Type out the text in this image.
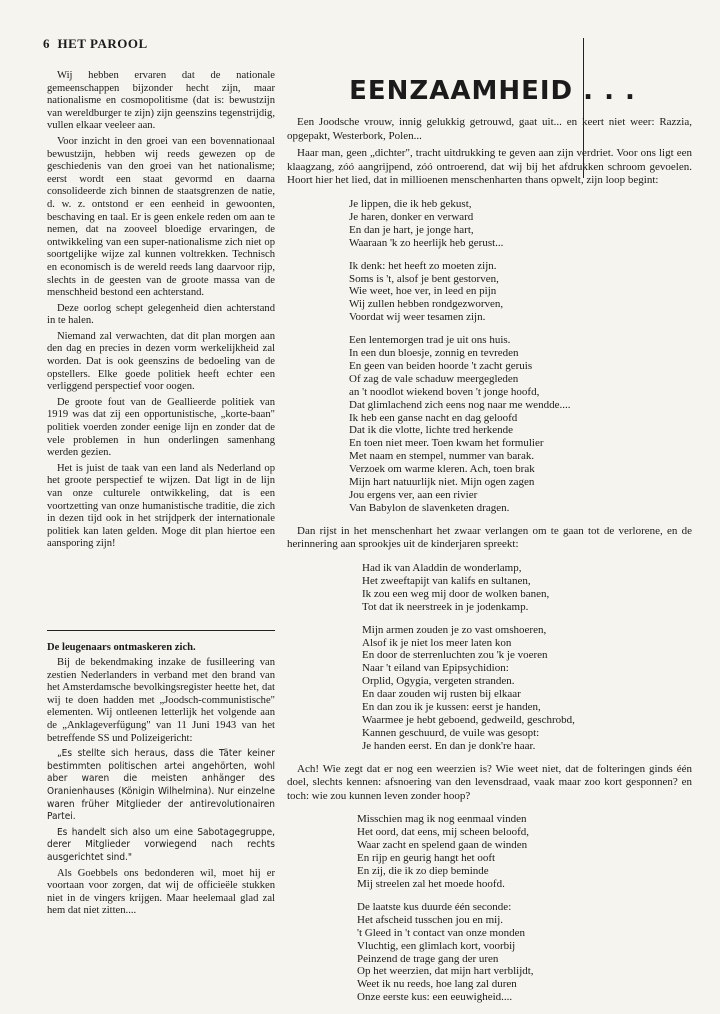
6 HET PAROOL

Wij hebben ervaren dat de nationale gemeenschappen bijzonder hecht zijn, maar nationalisme en cosmopolitisme (dat is: bewustzijn van wereldburger te zijn) zijn geenszins tegenstrijdig, vullen elkaar veeleer aan.

Voor inzicht in den groei van een bovennationaal bewustzijn, hebben wij reeds gewezen op de geschiedenis van den groei van het nationalisme; eerst wordt een staat gevormd en daarna consolideerde zich binnen de staatsgrenzen de natie, d. w. z. ontstond er een eenheid in gewoonten, beschaving en taal. Er is geen enkele reden om aan te nemen, dat na zooveel bloedige ervaringen, de ontwikkeling van een super-nationalisme zich niet op soortgelijke wijze zal kunnen voltrekken. Technisch en economisch is de wereld reeds lang daarvoor rijp, slechts in de geesten van de groote massa van de menschheid bestond een achterstand.

Deze oorlog schept gelegenheid dien achterstand in te halen.

Niemand zal verwachten, dat dit plan morgen aan den dag en precies in dezen vorm werkelijkheid zal worden. Dat is ook geenszins de bedoeling van de opstellers. Elke goede politiek heeft echter een verliggend perspectief voor oogen.

De groote fout van de Geallieerde politiek van 1919 was dat zij een opportunistische, „korte-baan" politiek voerden zonder eenige lijn en zonder dat de vele problemen in hun onderlingen samenhang werden gezien.

Het is juist de taak van een land als Nederland op het groote perspectief te wijzen. Dat ligt in de lijn van onze culturele ontwikkeling, dat is een voortzetting van onze humanistische traditie, die zich in dezen tijd ook in het strijdperk der internationale politiek kan laten gelden. Moge dit plan hiertoe een aansporing zijn!

De leugenaars ontmaskeren zich.

Bij de bekendmaking inzake de fusilleering van zestien Nederlanders in verband met den brand van het Amsterdamsche bevolkingsregister heette het, dat wij te doen hadden met „Joodsch-communistische" elementen. Wij ontleenen letterlijk het volgende aan de „Anklageverfügung" van 11 Juni 1943 van het betreffende SS und Polizeigericht:

„Es stellte sich heraus, dass die Täter keiner bestimmten politischen artei angehörten, wohl aber waren die meisten anhänger des Oranienhauses (Königin Wilhelmina). Nur einzelne waren früher Mitglieder der antirevolutionairen Partei.

Es handelt sich also um eine Sabotagegruppe, derer Mitglieder vorwiegend nach rechts ausgerichtet sind."

Als Goebbels ons bedonderen wil, moet hij er voortaan voor zorgen, dat wij de officieële stukken niet in de vingers krijgen. Maar heelemaal glad zal hem dat niet zitten....

EENZAAMHEID . . .

Een Joodsche vrouw, innig gelukkig getrouwd, gaat uit... en keert niet weer: Razzia, opgepakt, Westerbork, Polen...

Haar man, geen „dichter", tracht uitdrukking te geven aan zijn verdriet. Voor ons ligt een klaagzang, zóó aangrijpend, zóó ontroerend, dat wij bij het afdrukken schroom gevoelen. Hoort hier het lied, dat in millioenen menschenharten thans opwelt, zijn loop begint:

Je lippen, die ik heb gekust,
Je haren, donker en verward
En dan je hart, je jonge hart,
Waaraan 'k zo heerlijk heb gerust...
Ik denk: het heeft zo moeten zijn.
Soms is 't, alsof je bent gestorven,
Wie weet, hoe ver, in leed en pijn
Wij zullen hebben rondgezworven,
Voordat wij weer tesamen zijn.
Een lentemorgen trad je uit ons huis.
In een dun bloesje, zonnig en tevreden
En geen van beiden hoorde 't zacht geruis
Of zag de vale schaduw meergegleden
an 't noodlot wiekend boven 't jonge hoofd,
Dat glimlachend zich eens nog naar me wendde....
Ik heb een ganse nacht en dag geloofd
Dat ik die vlotte, lichte tred herkende
En toen niet meer. Toen kwam het formulier
Met naam en stempel, nummer van barak.
Verzoek om warme kleren. Ach, toen brak
Mijn hart natuurlijk niet. Mijn ogen zagen
Jou ergens ver, aan een rivier
Van Babylon de slavenketen dragen.

Dan rijst in het menschenhart het zwaar verlangen om te gaan tot de verlorene, en de herinnering aan sprookjes uit de kinderjaren spreekt:

Had ik van Aladdin de wonderlamp,
Het zweeftapijt van kalifs en sultanen,
Ik zou een weg mij door de wolken banen,
Tot dat ik neerstreek in je jodenkamp.
Mijn armen zouden je zo vast omshoeren,
Alsof ik je niet los meer laten kon
En door de sterrenluchten zou 'k je voeren
Naar 't eiland van Epipsychidion:
Orplid, Ogygia, vergeten stranden.
En daar zouden wij rusten bij elkaar
En dan zou ik je kussen: eerst je handen,
Waarmee je hebt geboend, gedweild, geschrobd,
Kannen geschuurd, de vuile was gesopt:
Je handen eerst. En dan je donk're haar.

Ach! Wie zegt dat er nog een weerzien is? Wie weet niet, dat de folteringen ginds één doel, slechts kennen: afsnoering van den levensdraad, vaak maar zoo kort gesponnen? en toch: wie zou kunnen leven zonder hoop?

Misschien mag ik nog eenmaal vinden
Het oord, dat eens, mij scheen beloofd,
Waar zacht en spelend gaan de winden
En rijp en geurig hangt het ooft
En zij, die ik zo diep beminde
Mij streelen zal het moede hoofd.
De laatste kus duurde één seconde:
Het afscheid tusschen jou en mij.
't Gleed in 't contact van onze monden
Vluchtig, een glimlach kort, voorbij
Peinzend de trage gang der uren
Op het weerzien, dat mijn hart verblijdt,
Weet ik nu reeds, hoe lang zal duren
Onze eerste kus: een eeuwigheid....
